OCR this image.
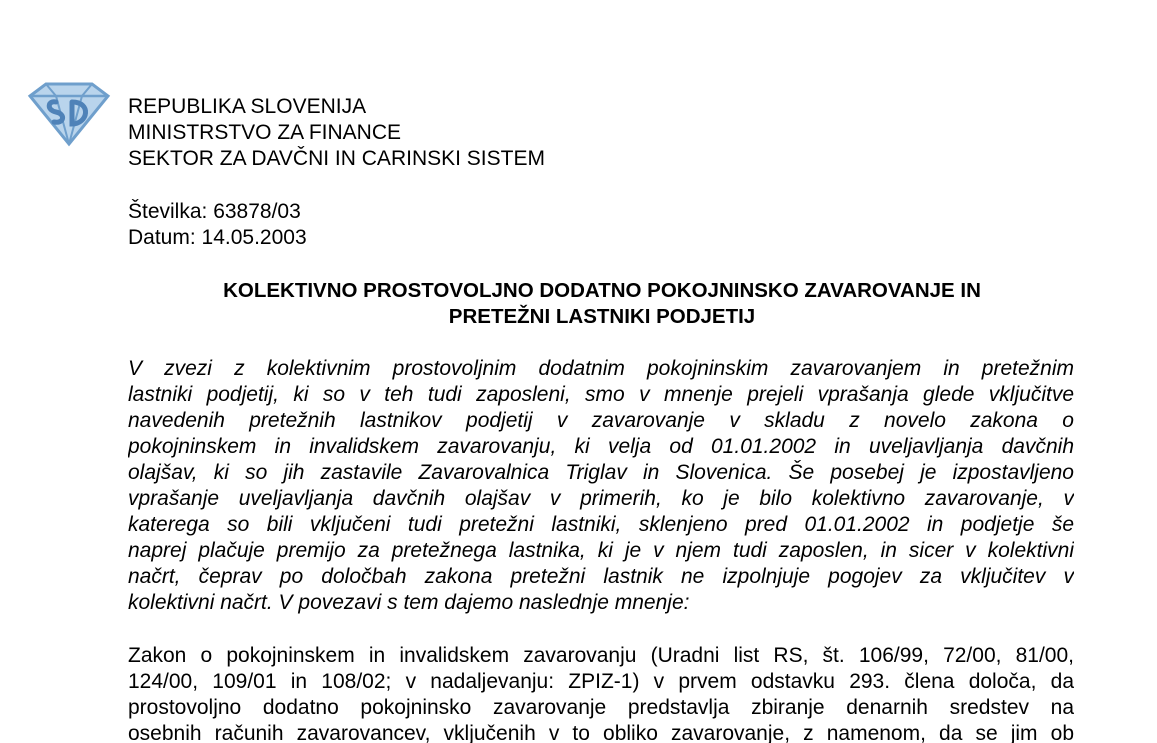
REPUBLIKA SLOVENIJA
MINISTRSTVO ZA FINANCE
SEKTOR ZA DAVČNI IN CARINSKI SISTEM
Številka: 63878/03
Datum: 14.05.2003
KOLEKTIVNO PROSTOVOLJNO DODATNO POKOJNINSKO ZAVAROVANJE IN
PRETEŽNI LASTNIKI PODJETIJ
V zvezi z kolektivnim prostovoljnim dodatnim pokojninskim zavarovanjem in pretežnim
lastniki podjetij, ki so v teh tudi zaposleni, smo v mnenje prejeli vprašanja glede vključitve
navedenih pretežnih lastnikov podjetij v zavarovanje v skladu z novelo zakona o
pokojninskem in invalidskem zavarovanju, ki velja od 01.01.2002 in uveljavljanja davčnih
olajšav, ki so jih zastavile Zavarovalnica Triglav in Slovenica. Še posebej je izpostavljeno
vprašanje uveljavljanja davčnih olajšav v primerih, ko je bilo kolektivno zavarovanje, v
katerega so bili vključeni tudi pretežni lastniki, sklenjeno pred 01.01.2002 in podjetje še
naprej plačuje premijo za pretežnega lastnika, ki je v njem tudi zaposlen, in sicer v kolektivni
načrt, čeprav po določbah zakona pretežni lastnik ne izpolnjuje pogojev za vključitev v
kolektivni načrt. V povezavi s tem dajemo naslednje mnenje:
Zakon o pokojninskem in invalidskem zavarovanju (Uradni list RS, št. 106/99, 72/00, 81/00,
124/00, 109/01 in 108/02; v nadaljevanju: ZPIZ-1) v prvem odstavku 293. člena določa, da
prostovoljno dodatno pokojninsko zavarovanje predstavlja zbiranje denarnih sredstev na
osebnih računih zavarovancev, vključenih v to obliko zavarovanje, z namenom, da se jim ob
